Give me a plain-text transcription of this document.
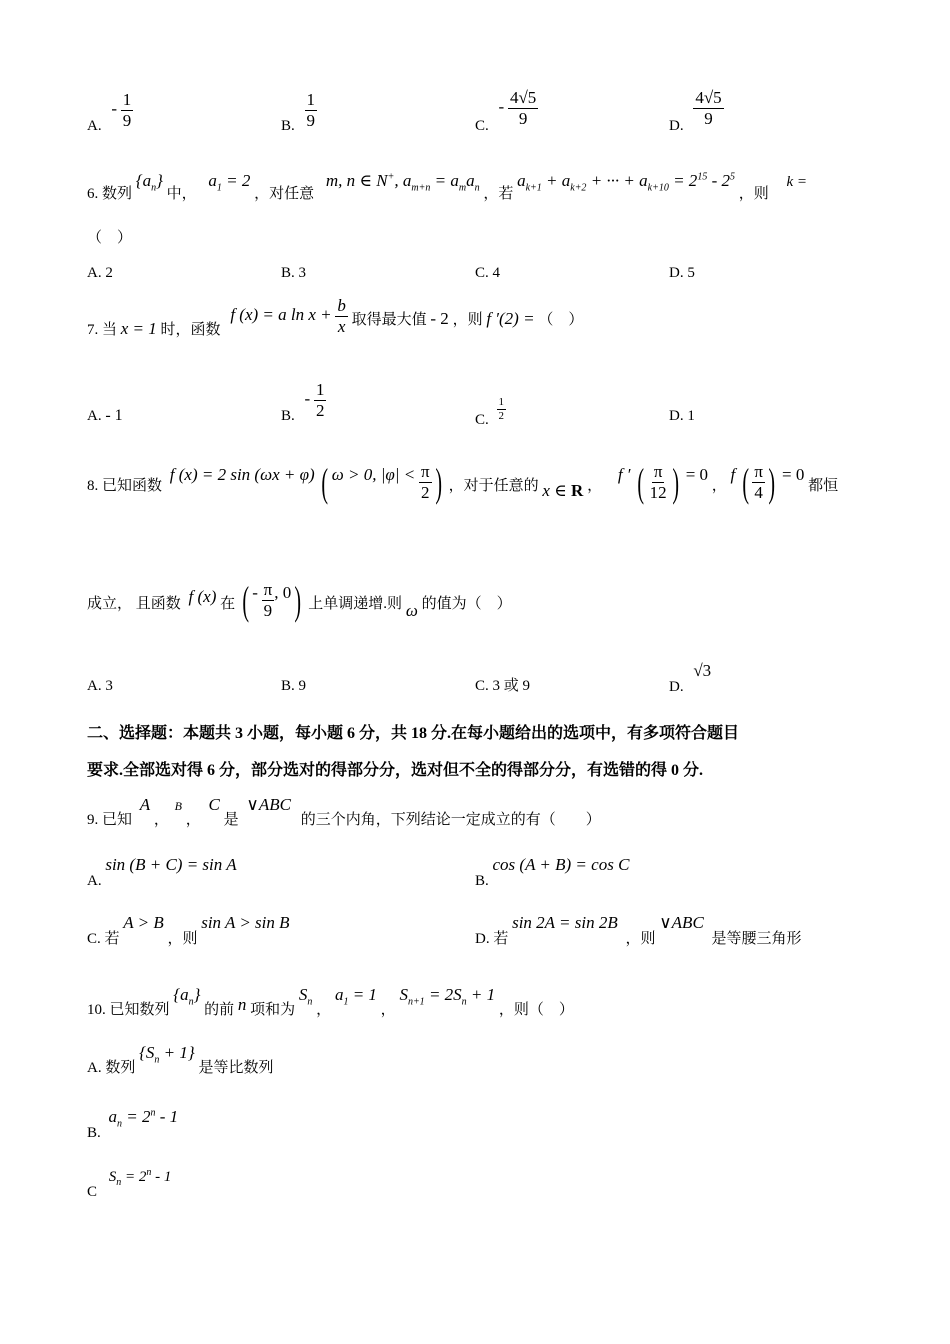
A. - $\frac{1}{9}$	B. $\frac{1}{9}$	C. - $\frac{4√5}{9}$	D. $\frac{4√5}{9}$
6. 数列 $\{a_n\}$ 中， $a_1 = 2$ ，对任意 m, n ∈ N+, $a_{m+n} = a_ma_n$ ，若 $a_{k+1} + a_{k+2}$ + ··· + $a_{k+10} = 2^{15} - 2^5$ ，则 k =
（　）
A. 2	B. 3	C. 4	D. 5
7. 当 x = 1 时，函数 f (x) = a $\ln x + \frac{b}{x}$ 取得最大值 - 2 ，则 f ′(2) = （　）
A. - 1	B. - $\frac{1}{2}$	C. $\frac{1}{2}$	D. 1
8. 已知函数 f (x) = 2 sin (ωx + φ) ( ω > 0, $|\varphi| < \frac{\pi}{2}$ ) ，对于任意的 x ∈ R ， f ′ ( $\frac{\pi}{12}$ ) = 0 ， f ( $\frac{\pi}{4}$ ) = 0 都恒
成立， 且函数 f (x) 在 ( - $\frac{\pi}{9}$ , 0) 上单调递增.则 ω 的值为（　）
A. 3	B. 9	C. 3 或 9	D. √3
二、选择题：本题共 3 小题，每小题 6 分，共 18 分.在每小题给出的选项中，有多项符合题目
要求.全部选对得 6 分，部分选对的得部分分，选对但不全的得部分分，有选错的得 0 分.
9. 已知 A ， B ， C 是 ∨ABC 的三个内角，下列结论一定成立的有（　　）
A. sin (B + C) = sin A
B. cos (A + B) = cos C
C. 若 A > B ，则 sin A > sin B
D. 若 sin 2A = sin 2B ，则 ∨ABC 是等腰三角形
10. 已知数列 $\{a_n\}$ 的前 n 项和为 $S_n$ ， $a_1 = 1$ ， $S_{n+1} = 2S_n + 1$ ，则（　）
A. 数列 $\{S_n + 1\}$ 是等比数列
B. $a_n = 2^n - 1$
C $S_n = 2^n - 1$
